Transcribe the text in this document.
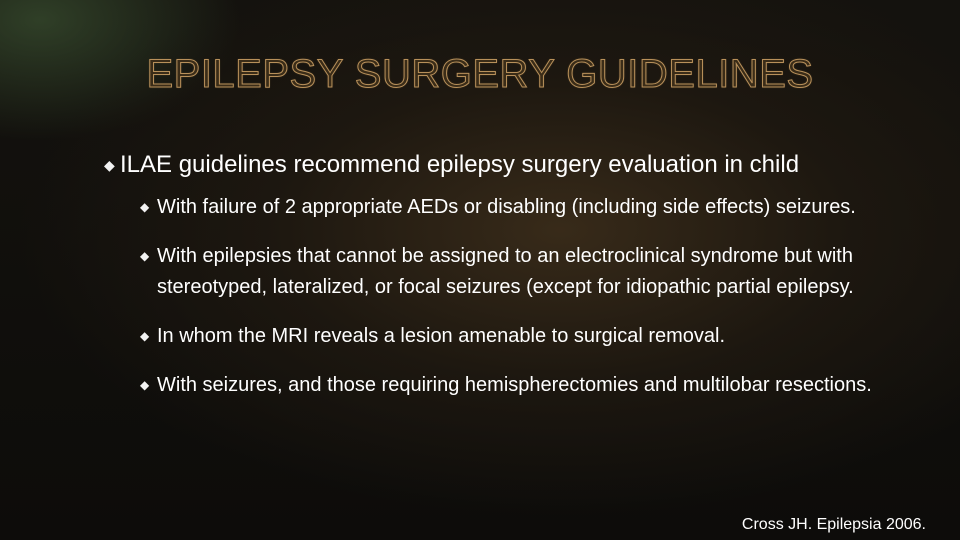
EPILEPSY SURGERY GUIDELINES
◆ ILAE guidelines recommend epilepsy surgery evaluation in child
◆ With failure of 2 appropriate AEDs or disabling (including side effects) seizures.
◆ With epilepsies that cannot be assigned to an electroclinical syndrome but with stereotyped, lateralized, or focal seizures (except for idiopathic partial epilepsy.
◆ In whom the MRI reveals a lesion amenable to surgical removal.
◆ With seizures, and those requiring hemispherectomies and multilobar resections.
Cross JH. Epilepsia 2006.
